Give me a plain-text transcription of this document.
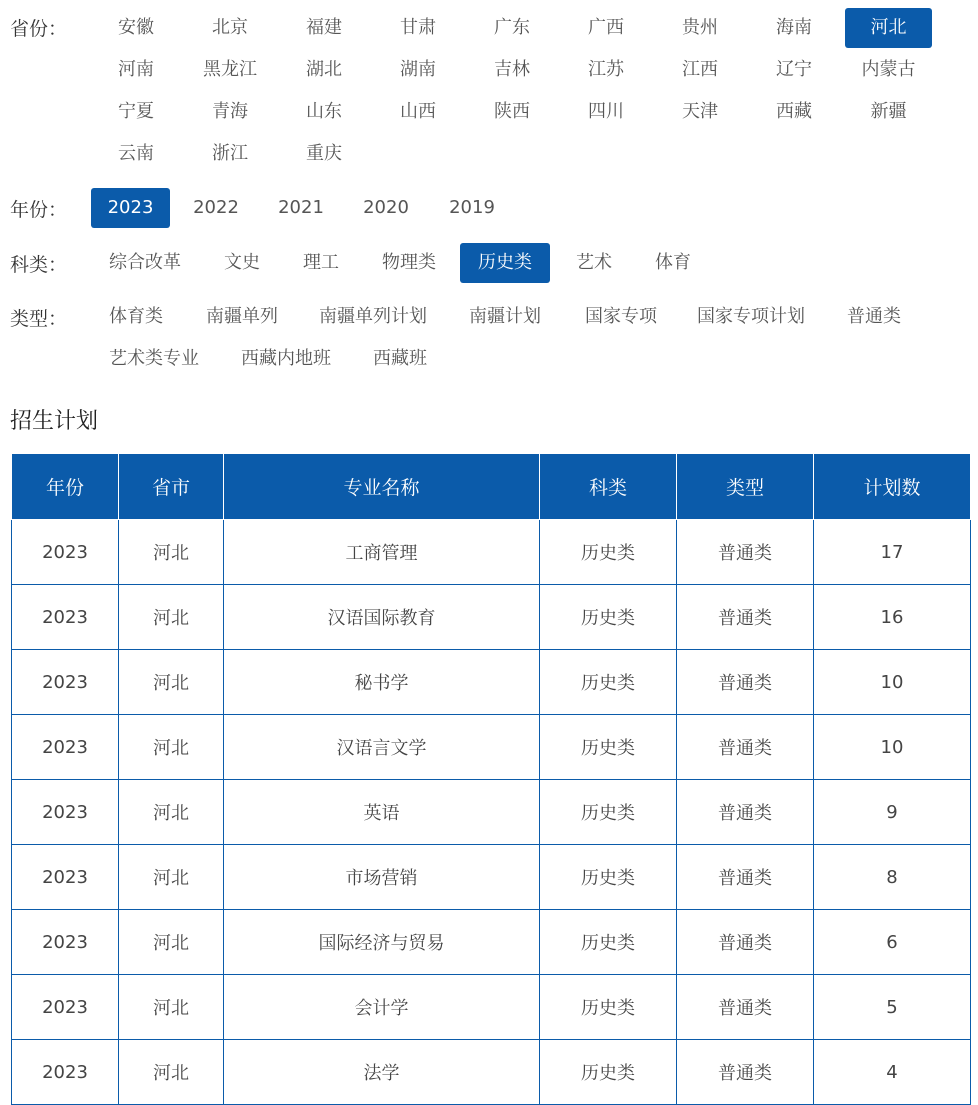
省份：	安徽	北京	福建	甘肃	广东	广西	贵州	海南	河北
河南	黑龙江	湖北	湖南	吉林	江苏	江西	辽宁	内蒙古
宁夏	青海	山东	山西	陕西	四川	天津	西藏	新疆
云南	浙江	重庆
年份：	2023	2022	2021	2020	2019
科类：	综合改革	文史	理工	物理类	历史类	艺术	体育
类型：	体育类	南疆单列	南疆单列计划	南疆计划	国家专项	国家专项计划	普通类
艺术类专业	西藏内地班	西藏班
招生计划
年份	省市	专业名称	科类	类型	计划数
2023	河北	工商管理	历史类	普通类	17
2023	河北	汉语国际教育	历史类	普通类	16
2023	河北	秘书学	历史类	普通类	10
2023	河北	汉语言文学	历史类	普通类	10
2023	河北	英语	历史类	普通类	9
2023	河北	市场营销	历史类	普通类	8
2023	河北	国际经济与贸易	历史类	普通类	6
2023	河北	会计学	历史类	普通类	5
2023	河北	法学	历史类	普通类	4
